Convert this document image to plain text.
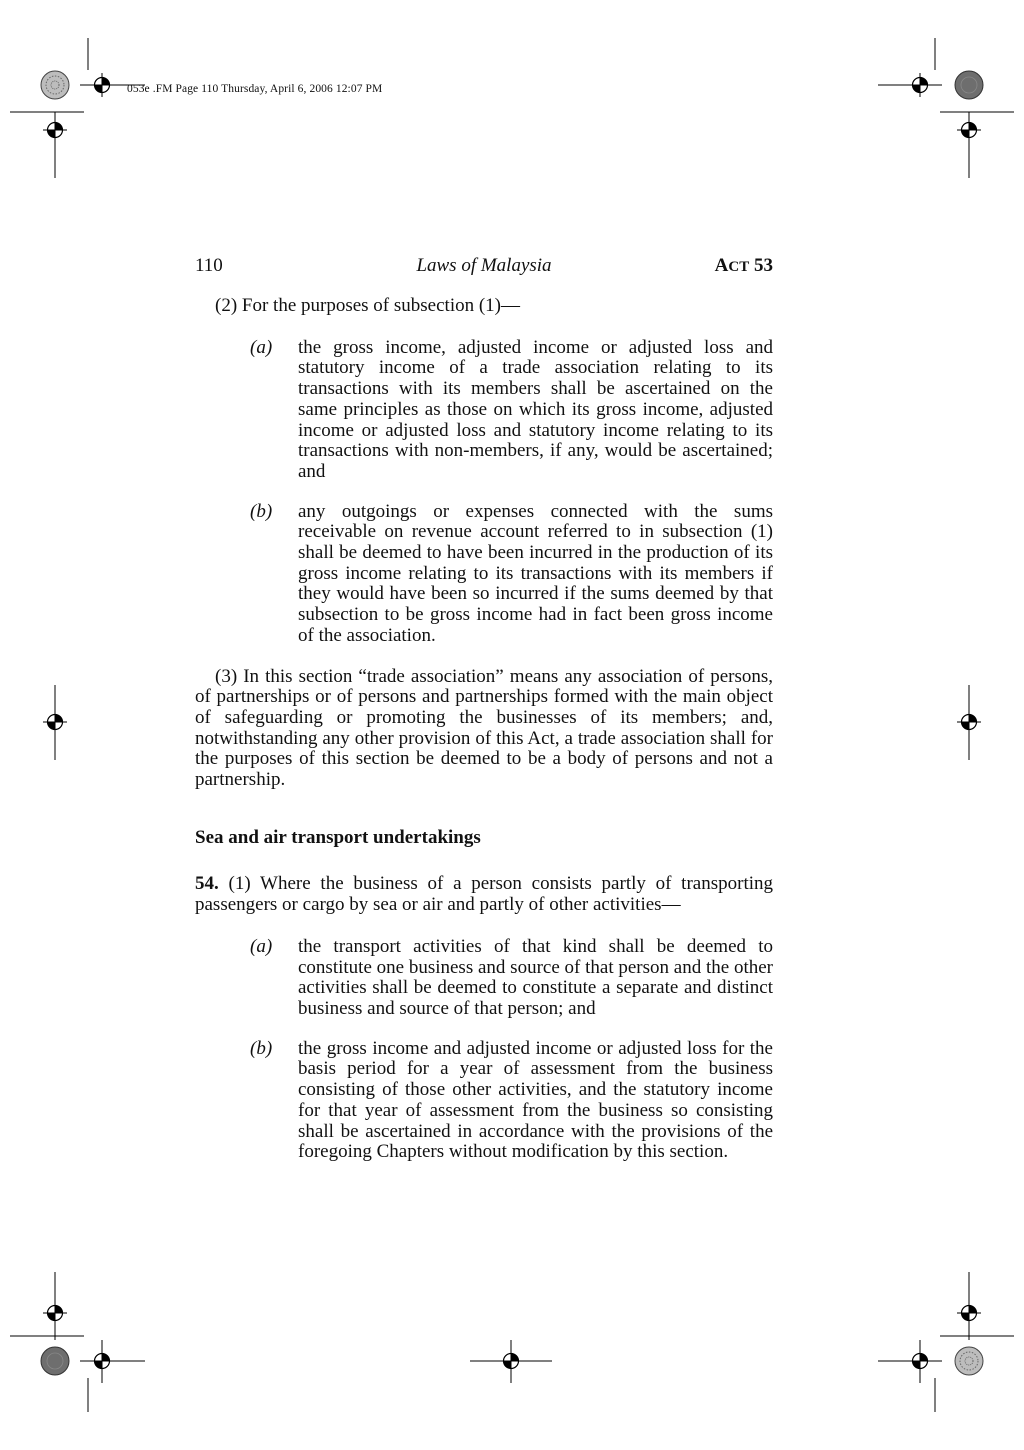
053e .FM Page 110 Thursday, April 6, 2006 12:07 PM
110	Laws of Malaysia	ACT 53

(2) For the purposes of subsection (1)—

(a) the gross income, adjusted income or adjusted loss and statutory income of a trade association relating to its transactions with its members shall be ascertained on the same principles as those on which its gross income, adjusted income or adjusted loss and statutory income relating to its transactions with non-members, if any, would be ascertained; and
(b) any outgoings or expenses connected with the sums receivable on revenue account referred to in subsection (1) shall be deemed to have been incurred in the production of its gross income relating to its transactions with its members if they would have been so incurred if the sums deemed by that subsection to be gross income had in fact been gross income of the association.

(3) In this section “trade association” means any association of persons, of partnerships or of persons and partnerships formed with the main object of safeguarding or promoting the businesses of its members; and, notwithstanding any other provision of this Act, a trade association shall for the purposes of this section be deemed to be a body of persons and not a partnership.

Sea and air transport undertakings

54. (1) Where the business of a person consists partly of transporting passengers or cargo by sea or air and partly of other activities—

(a) the transport activities of that kind shall be deemed to constitute one business and source of that person and the other activities shall be deemed to constitute a separate and distinct business and source of that person; and
(b) the gross income and adjusted income or adjusted loss for the basis period for a year of assessment from the business consisting of those other activities, and the statutory income for that year of assessment from the business so consisting shall be ascertained in accordance with the provisions of the foregoing Chapters without modification by this section.
